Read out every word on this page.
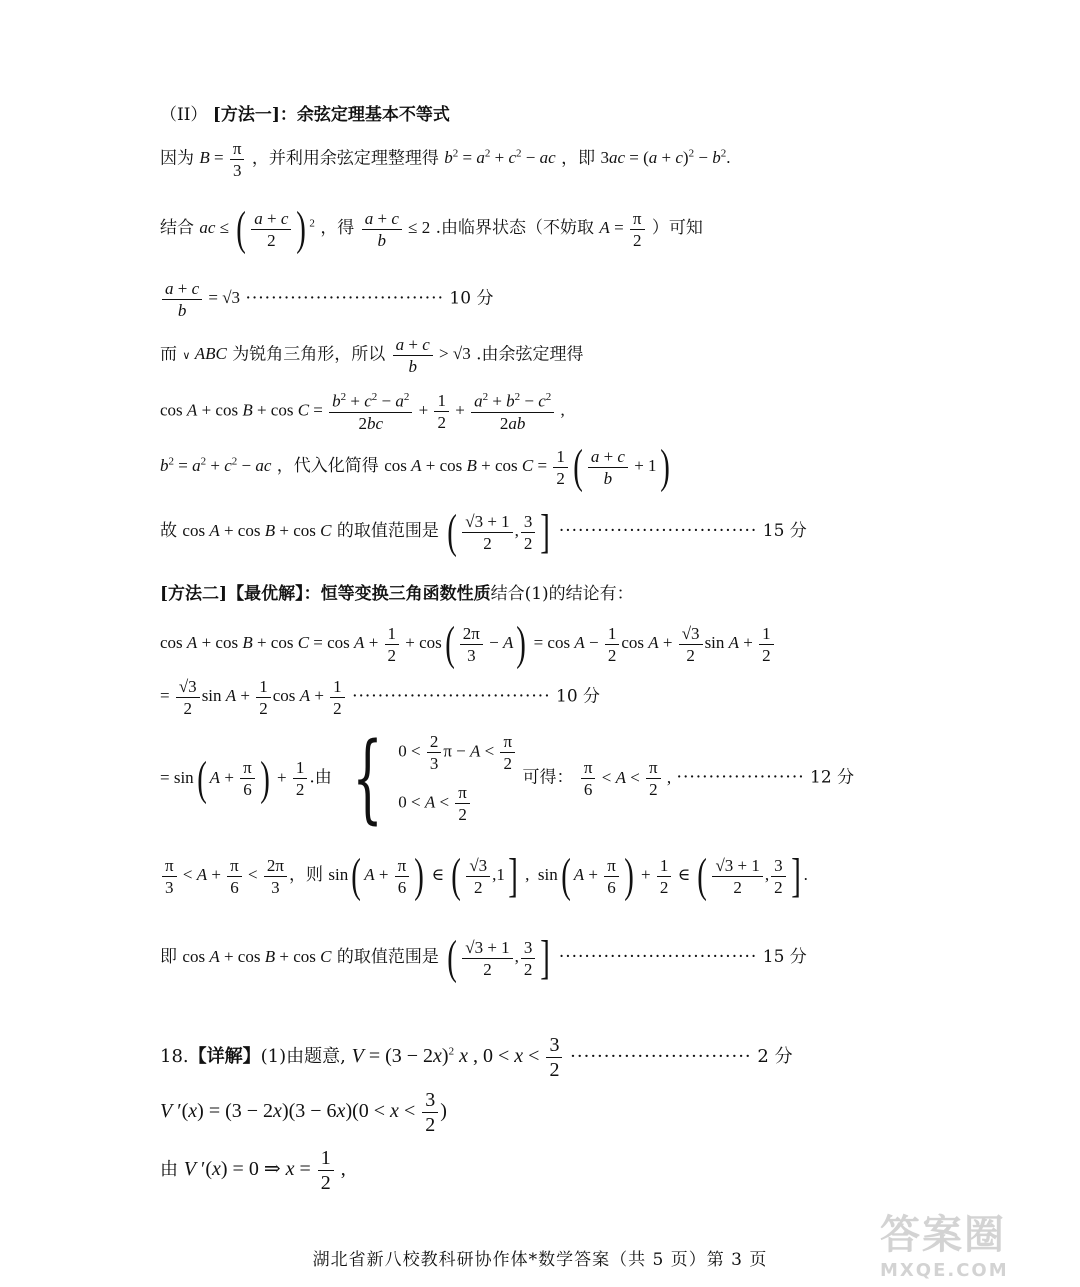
（II） [方法一]：余弦定理基本不等式
因为 $B = \frac{\pi}{3}$ ，并利用余弦定理整理得 $b^2 = a^2 + c^2$ − ac ，即 $3ac = (a + c)^2 - b^2$.
结合 ac ≤ ( $\frac{a + c}{2}$ ) $^2$ ，得 $\frac{a + c}{b} \le 2$ .由临界状态（不妨取 $A = \frac{\pi}{2}$ ）可知
$\frac{a + c}{b} = √3$ ······························· 10 分
而 ∨ ABC 为锐角三角形，所以 $\frac{a + c}{b} > √3$ .由余弦定理得
$\cos A + \cos B + \cos C = \frac{b^2 + c^2 - a^2}{2bc} + \frac{1}{2} + \frac{a^2 + b^2 - c^2}{2ab}$ ,
$b^2 = a^2 + c^2$ − ac ，代入化简得 $\cos A + \cos B + \cos C = \frac{1}{2}$ ( $\frac{a + c}{b} + 1$)
故 cos A + cos B + cos C 的取值范围是 ( $\frac{√3 + 1}{2}$ , $\frac{3}{2}$ ] ······························· 15 分
[方法二]【最优解】：恒等变换三角函数性质结合(1)的结论有：
$\cos A + \cos B + \cos C = \cos A + \frac{1}{2} + \cos( \frac{2\pi}{3} - A) = \cos A - \frac{1}{2}$ $\cos A + \frac{√3}{2}$ $\sin A + \frac{1}{2}$
= $\frac{√3}{2}$ $\sin A + \frac{1}{2}$ $\cos A + \frac{1}{2}$ ······························· 10 分
= sin( $A + \frac{\pi}{6}$ ) + $\frac{1}{2}$ .由 { $0 < \frac{2}{3}$ $\pi - A < \frac{\pi}{2}$
$0 < A < \frac{\pi}{2}$
可得： $\frac{\pi}{6} < A < \frac{\pi}{2}$ , ···················· 12 分
$\frac{\pi}{3} < A + \frac{\pi}{6} < \frac{2\pi}{3}$ ，则 sin( $A + \frac{\pi}{6}$ ) ∈ ( $\frac{√3}{2} ,1$] ,  sin( $A + \frac{\pi}{6}$ ) + $\frac{1}{2}$ ∈ ( $\frac{√3 + 1}{2}$ , $\frac{3}{2}$ ] .
即 cos A + cos B + cos C 的取值范围是 ( $\frac{√3 + 1}{2}$ , $\frac{3}{2}$ ] ······························· 15 分
18.【详解】(1)由题意, $V = (3 - 2x)^2$ x , $0 < x < \frac{3}{2}$ ··························· 2 分
V $'(x) = (3 - 2x)(3 - 6x)(0 < x < \frac{3}{2}$ )
由 V ′(x) = 0 ⇒ $x = \frac{1}{2}$ ,
湖北省新八校教科研协作体*数学答案（共 5 页）第 3 页
答案圈
MXQE.COM
